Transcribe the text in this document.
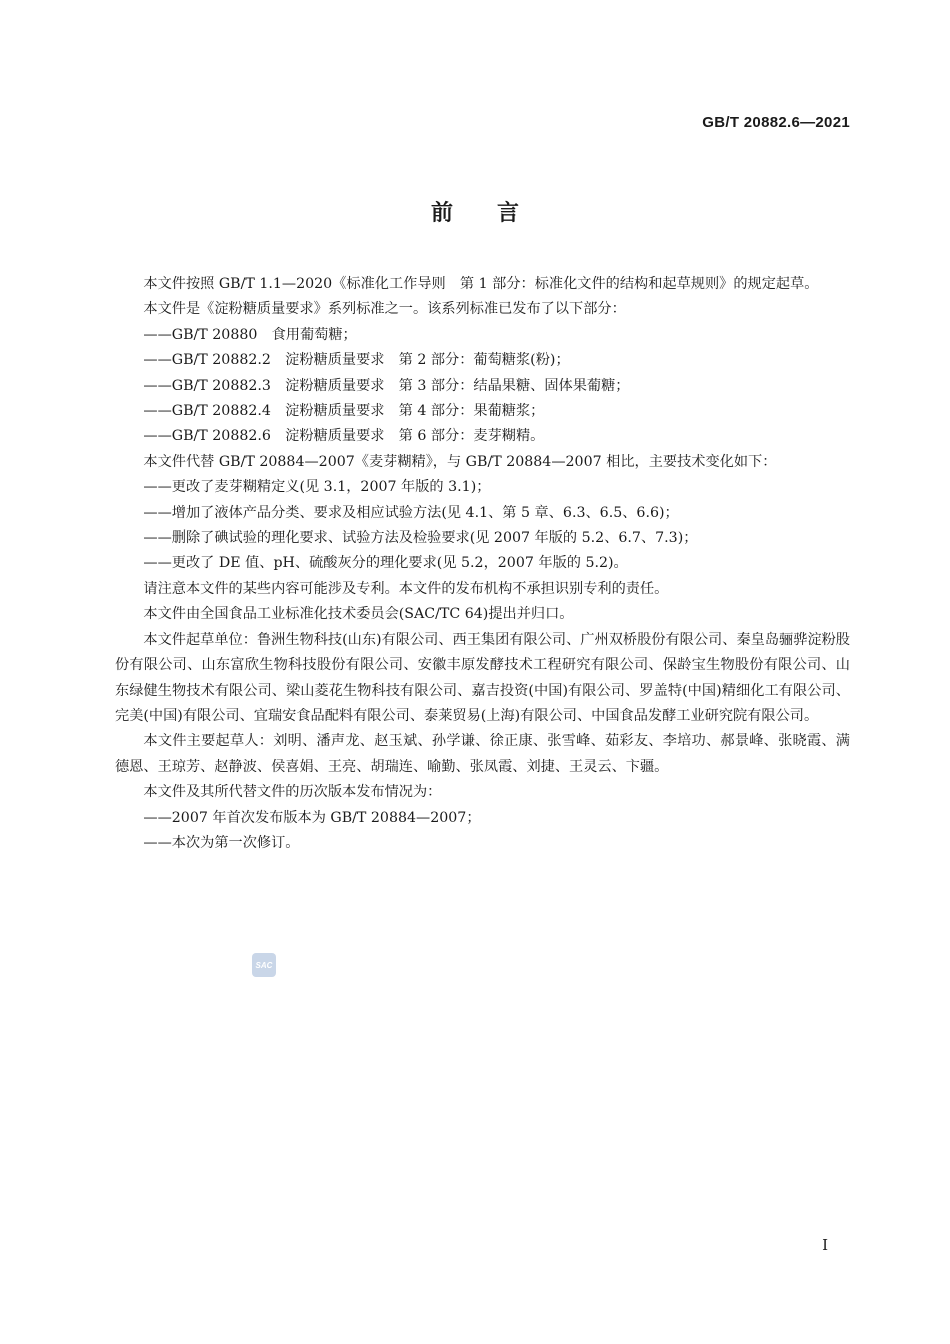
GB/T 20882.6—2021
前言

本文件按照 GB/T 1.1—2020《标准化工作导则　第 1 部分：标准化文件的结构和起草规则》的规定起草。

本文件是《淀粉糖质量要求》系列标准之一。该系列标准已发布了以下部分：

——GB/T 20880　食用葡萄糖；

——GB/T 20882.2　淀粉糖质量要求　第 2 部分：葡萄糖浆(粉)；

——GB/T 20882.3　淀粉糖质量要求　第 3 部分：结晶果糖、固体果葡糖；

——GB/T 20882.4　淀粉糖质量要求　第 4 部分：果葡糖浆；

——GB/T 20882.6　淀粉糖质量要求　第 6 部分：麦芽糊精。

本文件代替 GB/T 20884—2007《麦芽糊精》，与 GB/T 20884—2007 相比，主要技术变化如下：

——更改了麦芽糊精定义(见 3.1，2007 年版的 3.1)；

——增加了液体产品分类、要求及相应试验方法(见 4.1、第 5 章、6.3、6.5、6.6)；

——删除了碘试验的理化要求、试验方法及检验要求(见 2007 年版的 5.2、6.7、7.3)；

——更改了 DE 值、pH、硫酸灰分的理化要求(见 5.2，2007 年版的 5.2)。

请注意本文件的某些内容可能涉及专利。本文件的发布机构不承担识别专利的责任。

本文件由全国食品工业标准化技术委员会(SAC/TC 64)提出并归口。

本文件起草单位：鲁洲生物科技(山东)有限公司、西王集团有限公司、广州双桥股份有限公司、秦皇岛骊骅淀粉股份有限公司、山东富欣生物科技股份有限公司、安徽丰原发酵技术工程研究有限公司、保龄宝生物股份有限公司、山东绿健生物技术有限公司、梁山菱花生物科技有限公司、嘉吉投资(中国)有限公司、罗盖特(中国)精细化工有限公司、完美(中国)有限公司、宜瑞安食品配料有限公司、泰莱贸易(上海)有限公司、中国食品发酵工业研究院有限公司。

本文件主要起草人：刘明、潘声龙、赵玉斌、孙学谦、徐正康、张雪峰、茹彩友、李培功、郝景峰、张晓霞、满德恩、王琼芳、赵静波、侯喜娟、王亮、胡瑞连、喻勤、张凤霞、刘捷、王灵云、卞疆。

本文件及其所代替文件的历次版本发布情况为：

——2007 年首次发布版本为 GB/T 20884—2007；

——本次为第一次修订。

SAC
I
